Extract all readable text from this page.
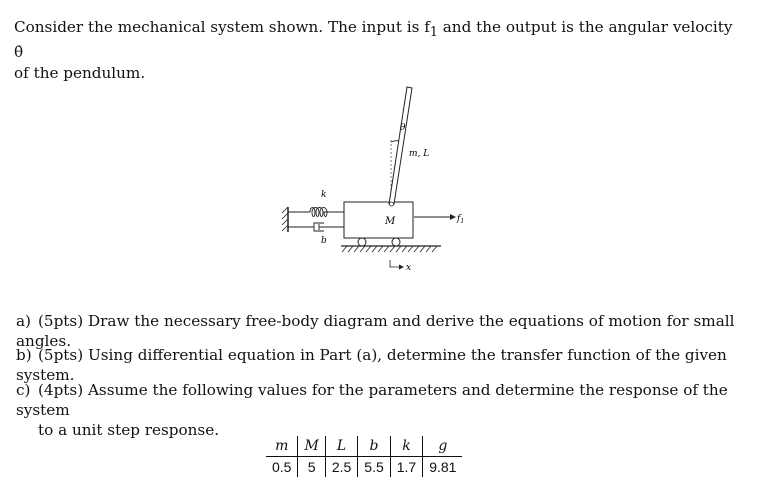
Consider the mechanical system shown. The input is $f_1$ and the output is the angular velocity θ̇
of the pendulum.
θ
m, L
k
b
M	$f_1$
x
a) (5pts) Draw the necessary free-body diagram and derive the equations of motion for small angles.
b) (5pts) Using differential equation in Part (a), determine the transfer function of the given system.
c) (4pts) Assume the following values for the parameters and determine the response of the system
to a unit step response.
m	M	L	b	k	g
0.5	5	2.5	5.5	1.7	9.81
